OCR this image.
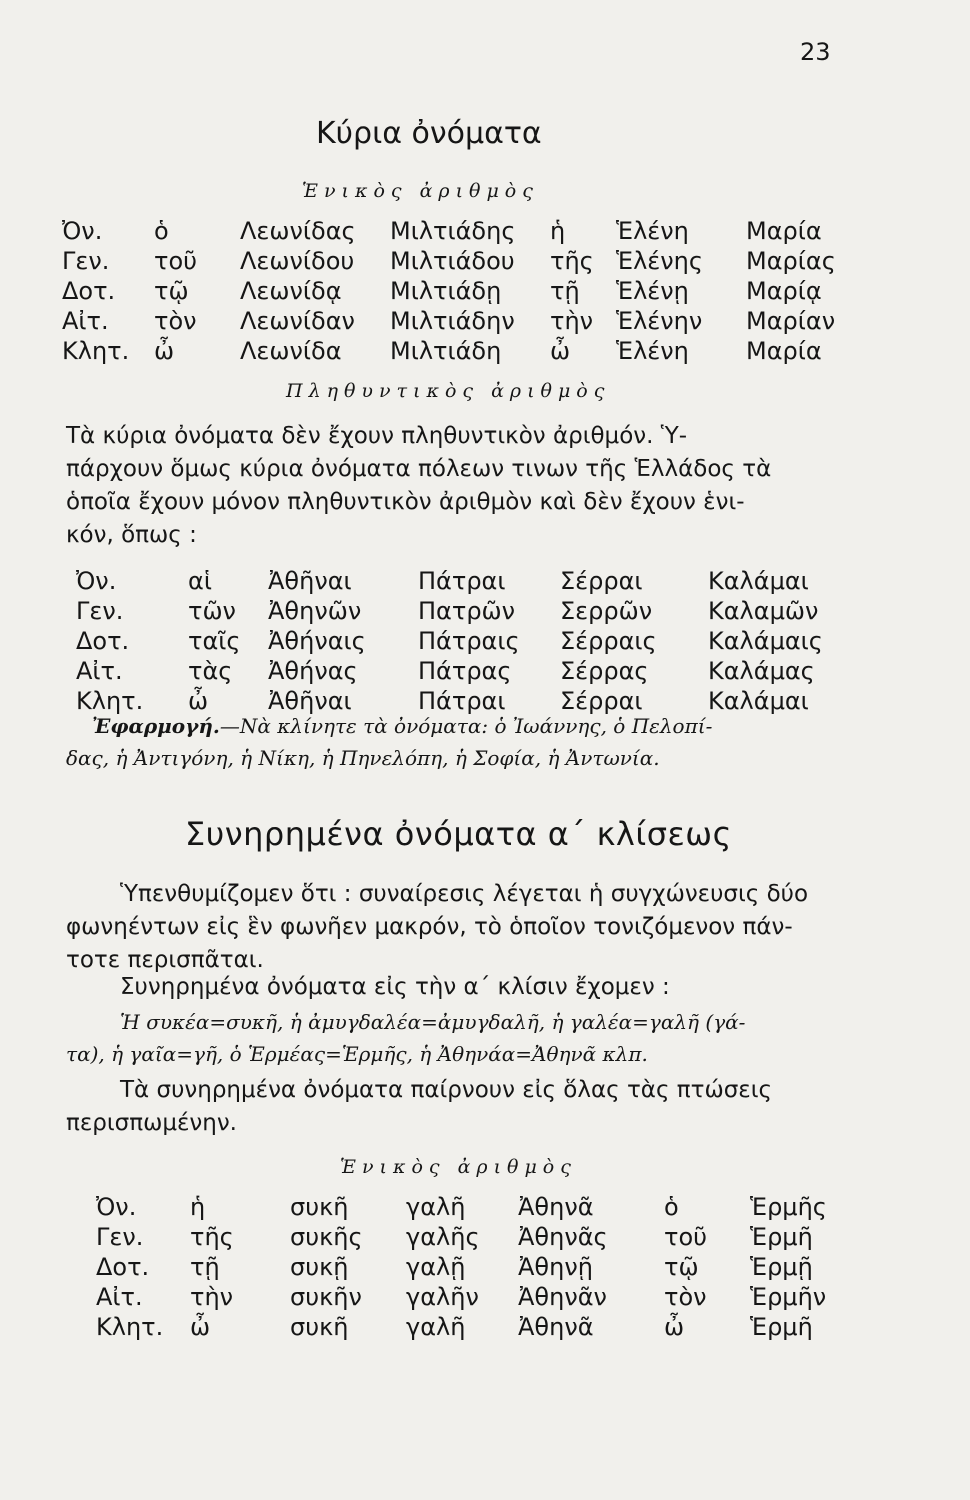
23
Κύρια ὀνόματα
Ἑνικὸς ἀριθμὸς
Ὀν.	ὁ	Λεωνίδας	Μιλτιάδης	ἡ	Ἑλένη	Μαρία
Γεν.	τοῦ	Λεωνίδου	Μιλτιάδου	τῆς	Ἑλένης	Μαρίας
Δοτ.	τῷ	Λεωνίδᾳ	Μιλτιάδῃ	τῇ	Ἑλένῃ	Μαρίᾳ
Αἰτ.	τὸν	Λεωνίδαν	Μιλτιάδην	τὴν	Ἑλένην	Μαρίαν
Κλητ.	ὦ	Λεωνίδα	Μιλτιάδη	ὦ	Ἑλένη	Μαρία
Πληθυντικὸς ἀριθμὸς
Τὰ κύρια ὀνόματα δὲν ἔχουν πληθυντικὸν ἀριθμόν. Ὑ-
πάρχουν ὅμως κύρια ὀνόματα πόλεων τινων τῆς Ἑλλάδος τὰ
ὁποῖα ἔχουν μόνον πληθυντικὸν ἀριθμὸν καὶ δὲν ἔχουν ἑνι-
κόν, ὅπως :
Ὀν.	αἱ	Ἀθῆναι	Πάτραι	Σέρραι	Καλάμαι
Γεν.	τῶν	Ἀθηνῶν	Πατρῶν	Σερρῶν	Καλαμῶν
Δοτ.	ταῖς	Ἀθήναις	Πάτραις	Σέρραις	Καλάμαις
Αἰτ.	τὰς	Ἀθήνας	Πάτρας	Σέρρας	Καλάμας
Κλητ.	ὦ	Ἀθῆναι	Πάτραι	Σέρραι	Καλάμαι
Ἐφαρμογή.—Νὰ κλίνητε τὰ ὀνόματα: ὁ Ἰωάννης, ὁ Πελοπί-
δας, ἡ Ἀντιγόνη, ἡ Νίκη, ἡ Πηνελόπη, ἡ Σοφία, ἡ Ἀντωνία.
Συνηρημένα ὀνόματα α΄ κλίσεως
Ὑπενθυμίζομεν ὅτι : συναίρεσις λέγεται ἡ συγχώνευσις δύο
φωνηέντων εἰς ἓν φωνῆεν μακρόν, τὸ ὁποῖον τονιζόμενον πάν-
τοτε περισπᾶται.
Συνηρημένα ὀνόματα εἰς τὴν α΄ κλίσιν ἔχομεν :
Ἡ συκέα=συκῆ, ἡ ἀμυγδαλέα=ἀμυγδαλῆ, ἡ γαλέα=γαλῆ (γά-
τα), ἡ γαῖα=γῆ, ὁ Ἑρμέας=Ἑρμῆς, ἡ Ἀθηνάα=Ἀθηνᾶ κλπ.
Τὰ συνηρημένα ὀνόματα παίρνουν εἰς ὅλας τὰς πτώσεις
περισπωμένην.
Ἑνικὸς ἀριθμὸς
Ὀν.	ἡ	συκῆ	γαλῆ	Ἀθηνᾶ	ὁ	Ἑρμῆς
Γεν.	τῆς	συκῆς	γαλῆς	Ἀθηνᾶς	τοῦ	Ἑρμῆ
Δοτ.	τῇ	συκῇ	γαλῇ	Ἀθηνῇ	τῷ	Ἑρμῇ
Αἰτ.	τὴν	συκῆν	γαλῆν	Ἀθηνᾶν	τὸν	Ἑρμῆν
Κλητ.	ὦ	συκῆ	γαλῆ	Ἀθηνᾶ	ὦ	Ἑρμῆ
